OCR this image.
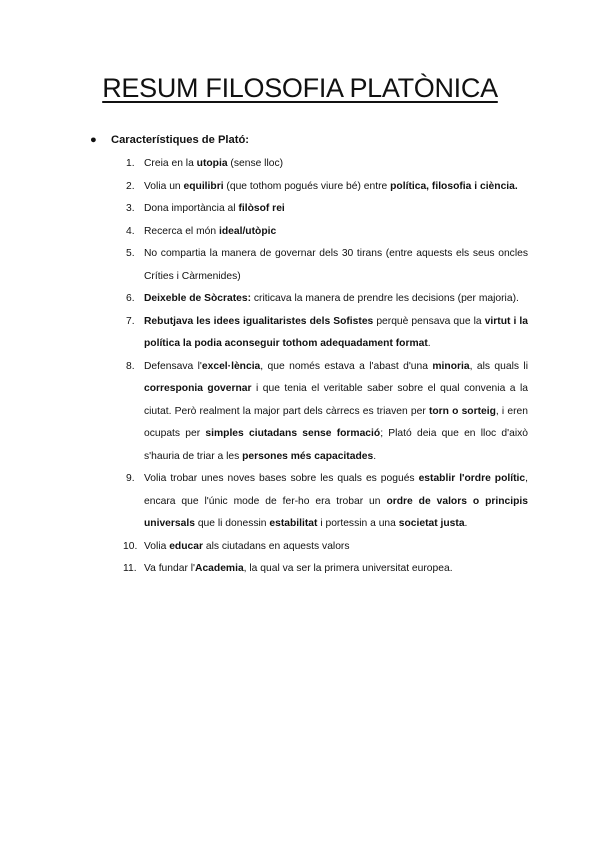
RESUM FILOSOFIA PLATÒNICA
● Característiques de Plató:
1. Creia en la utopia (sense lloc)
2. Volia un equilibri (que tothom pogués viure bé) entre política, filosofia i ciència.
3. Dona importància al filòsof rei
4. Recerca el món ideal/utòpic
5. No compartia la manera de governar dels 30 tirans (entre aquests els seus oncles Críties i Càrmenides)
6. Deixeble de Sòcrates: criticava la manera de prendre les decisions (per majoria).
7. Rebutjava les idees igualitaristes dels Sofistes perquè pensava que la virtut i la política la podia aconseguir tothom adequadament format.
8. Defensava l'excel·lència, que només estava a l'abast d'una minoria, als quals li corresponia governar i que tenia el veritable saber sobre el qual convenia a la ciutat. Però realment la major part dels càrrecs es triaven per torn o sorteig, i eren ocupats per simples ciutadans sense formació; Plató deia que en lloc d'això s'hauria de triar a les persones més capacitades.
9. Volia trobar unes noves bases sobre les quals es pogués establir l'ordre polític, encara que l'únic mode de fer-ho era trobar un ordre de valors o principis universals que li donessin estabilitat i portessin a una societat justa.
10. Volia educar als ciutadans en aquests valors
11. Va fundar l'Academia, la qual va ser la primera universitat europea.
